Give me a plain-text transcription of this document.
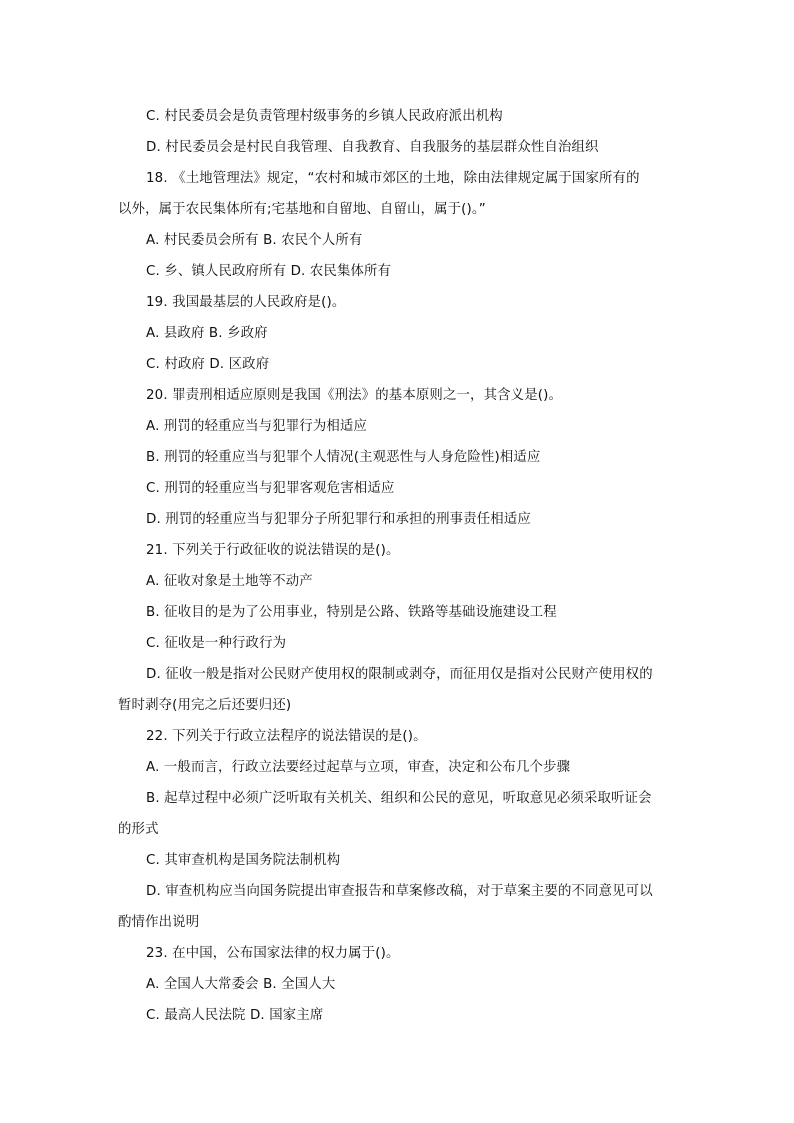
C. 村民委员会是负责管理村级事务的乡镇人民政府派出机构
D. 村民委员会是村民自我管理、自我教育、自我服务的基层群众性自治组织
18. 《土地管理法》规定，“农村和城市郊区的土地，除由法律规定属于国家所有的
以外，属于农民集体所有;宅基地和自留地、自留山，属于()。”
A. 村民委员会所有 B. 农民个人所有
C. 乡、镇人民政府所有 D. 农民集体所有
19. 我国最基层的人民政府是()。
A. 县政府 B. 乡政府
C. 村政府 D. 区政府
20. 罪责刑相适应原则是我国《刑法》的基本原则之一，其含义是()。
A. 刑罚的轻重应当与犯罪行为相适应
B. 刑罚的轻重应当与犯罪个人情况(主观恶性与人身危险性)相适应
C. 刑罚的轻重应当与犯罪客观危害相适应
D. 刑罚的轻重应当与犯罪分子所犯罪行和承担的刑事责任相适应
21. 下列关于行政征收的说法错误的是()。
A. 征收对象是土地等不动产
B. 征收目的是为了公用事业，特别是公路、铁路等基础设施建设工程
C. 征收是一种行政行为
D. 征收一般是指对公民财产使用权的限制或剥夺，而征用仅是指对公民财产使用权的
暂时剥夺(用完之后还要归还)
22. 下列关于行政立法程序的说法错误的是()。
A. 一般而言，行政立法要经过起草与立项，审查，决定和公布几个步骤
B. 起草过程中必须广泛听取有关机关、组织和公民的意见，听取意见必须采取听证会
的形式
C. 其审查机构是国务院法制机构
D. 审查机构应当向国务院提出审查报告和草案修改稿，对于草案主要的不同意见可以
酌情作出说明
23. 在中国，公布国家法律的权力属于()。
A. 全国人大常委会 B. 全国人大
C. 最高人民法院 D. 国家主席
